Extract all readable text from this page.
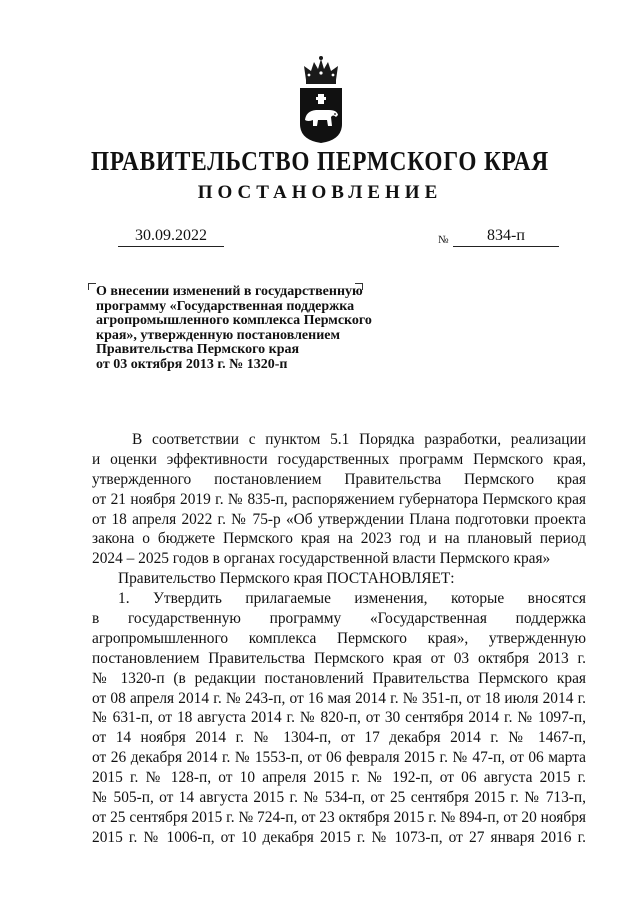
ПРАВИТЕЛЬСТВО ПЕРМСКОГО КРАЯ
ПОСТАНОВЛЕНИЕ
30.09.2022	№	834-п
О внесении изменений в государственную
программу «Государственная поддержка
агропромышленного комплекса Пермского
края», утвержденную постановлением
Правительства Пермского края
от 03 октября 2013 г. № 1320-п
В соответствии с пунктом 5.1 Порядка разработки, реализации
и оценки эффективности государственных программ Пермского края,
утвержденного постановлением Правительства Пермского края
от 21 ноября 2019 г. № 835-п, распоряжением губернатора Пермского края
от 18 апреля 2022 г. № 75-р «Об утверждении Плана подготовки проекта
закона о бюджете Пермского края на 2023 год и на плановый период
2024 – 2025 годов в органах государственной власти Пермского края»
Правительство Пермского края ПОСТАНОВЛЯЕТ:
1. Утвердить прилагаемые изменения, которые вносятся
в государственную программу «Государственная поддержка
агропромышленного комплекса Пермского края», утвержденную
постановлением Правительства Пермского края от 03 октября 2013 г.
№ 1320-п (в редакции постановлений Правительства Пермского края
от 08 апреля 2014 г. № 243-п, от 16 мая 2014 г. № 351-п, от 18 июля 2014 г.
№ 631-п, от 18 августа 2014 г. № 820-п, от 30 сентября 2014 г. № 1097-п,
от 14 ноября 2014 г. № 1304-п, от 17 декабря 2014 г. № 1467-п,
от 26 декабря 2014 г. № 1553-п, от 06 февраля 2015 г. № 47-п, от 06 марта
2015 г. № 128-п, от 10 апреля 2015 г. № 192-п, от 06 августа 2015 г.
№ 505-п, от 14 августа 2015 г. № 534-п, от 25 сентября 2015 г. № 713-п,
от 25 сентября 2015 г. № 724-п, от 23 октября 2015 г. № 894-п, от 20 ноября
2015 г. № 1006-п, от 10 декабря 2015 г. № 1073-п, от 27 января 2016 г.
